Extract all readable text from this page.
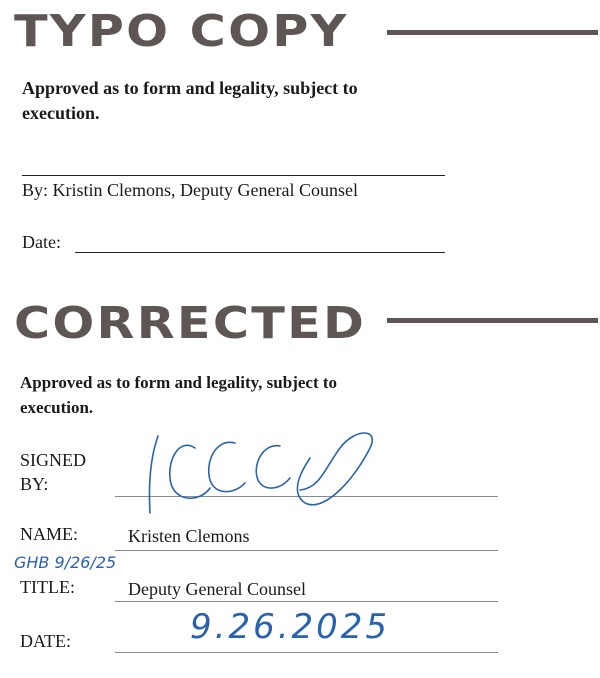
TYPO COPY
Approved as to form and legality, subject to
execution.
By: Kristin Clemons, Deputy General Counsel
Date:
CORRECTED
Approved as to form and legality, subject to
execution.
SIGNED
BY:
NAME:	Kristen Clemons
GHB 9/26/25
TITLE:	Deputy General Counsel
DATE:	9.26.2025
